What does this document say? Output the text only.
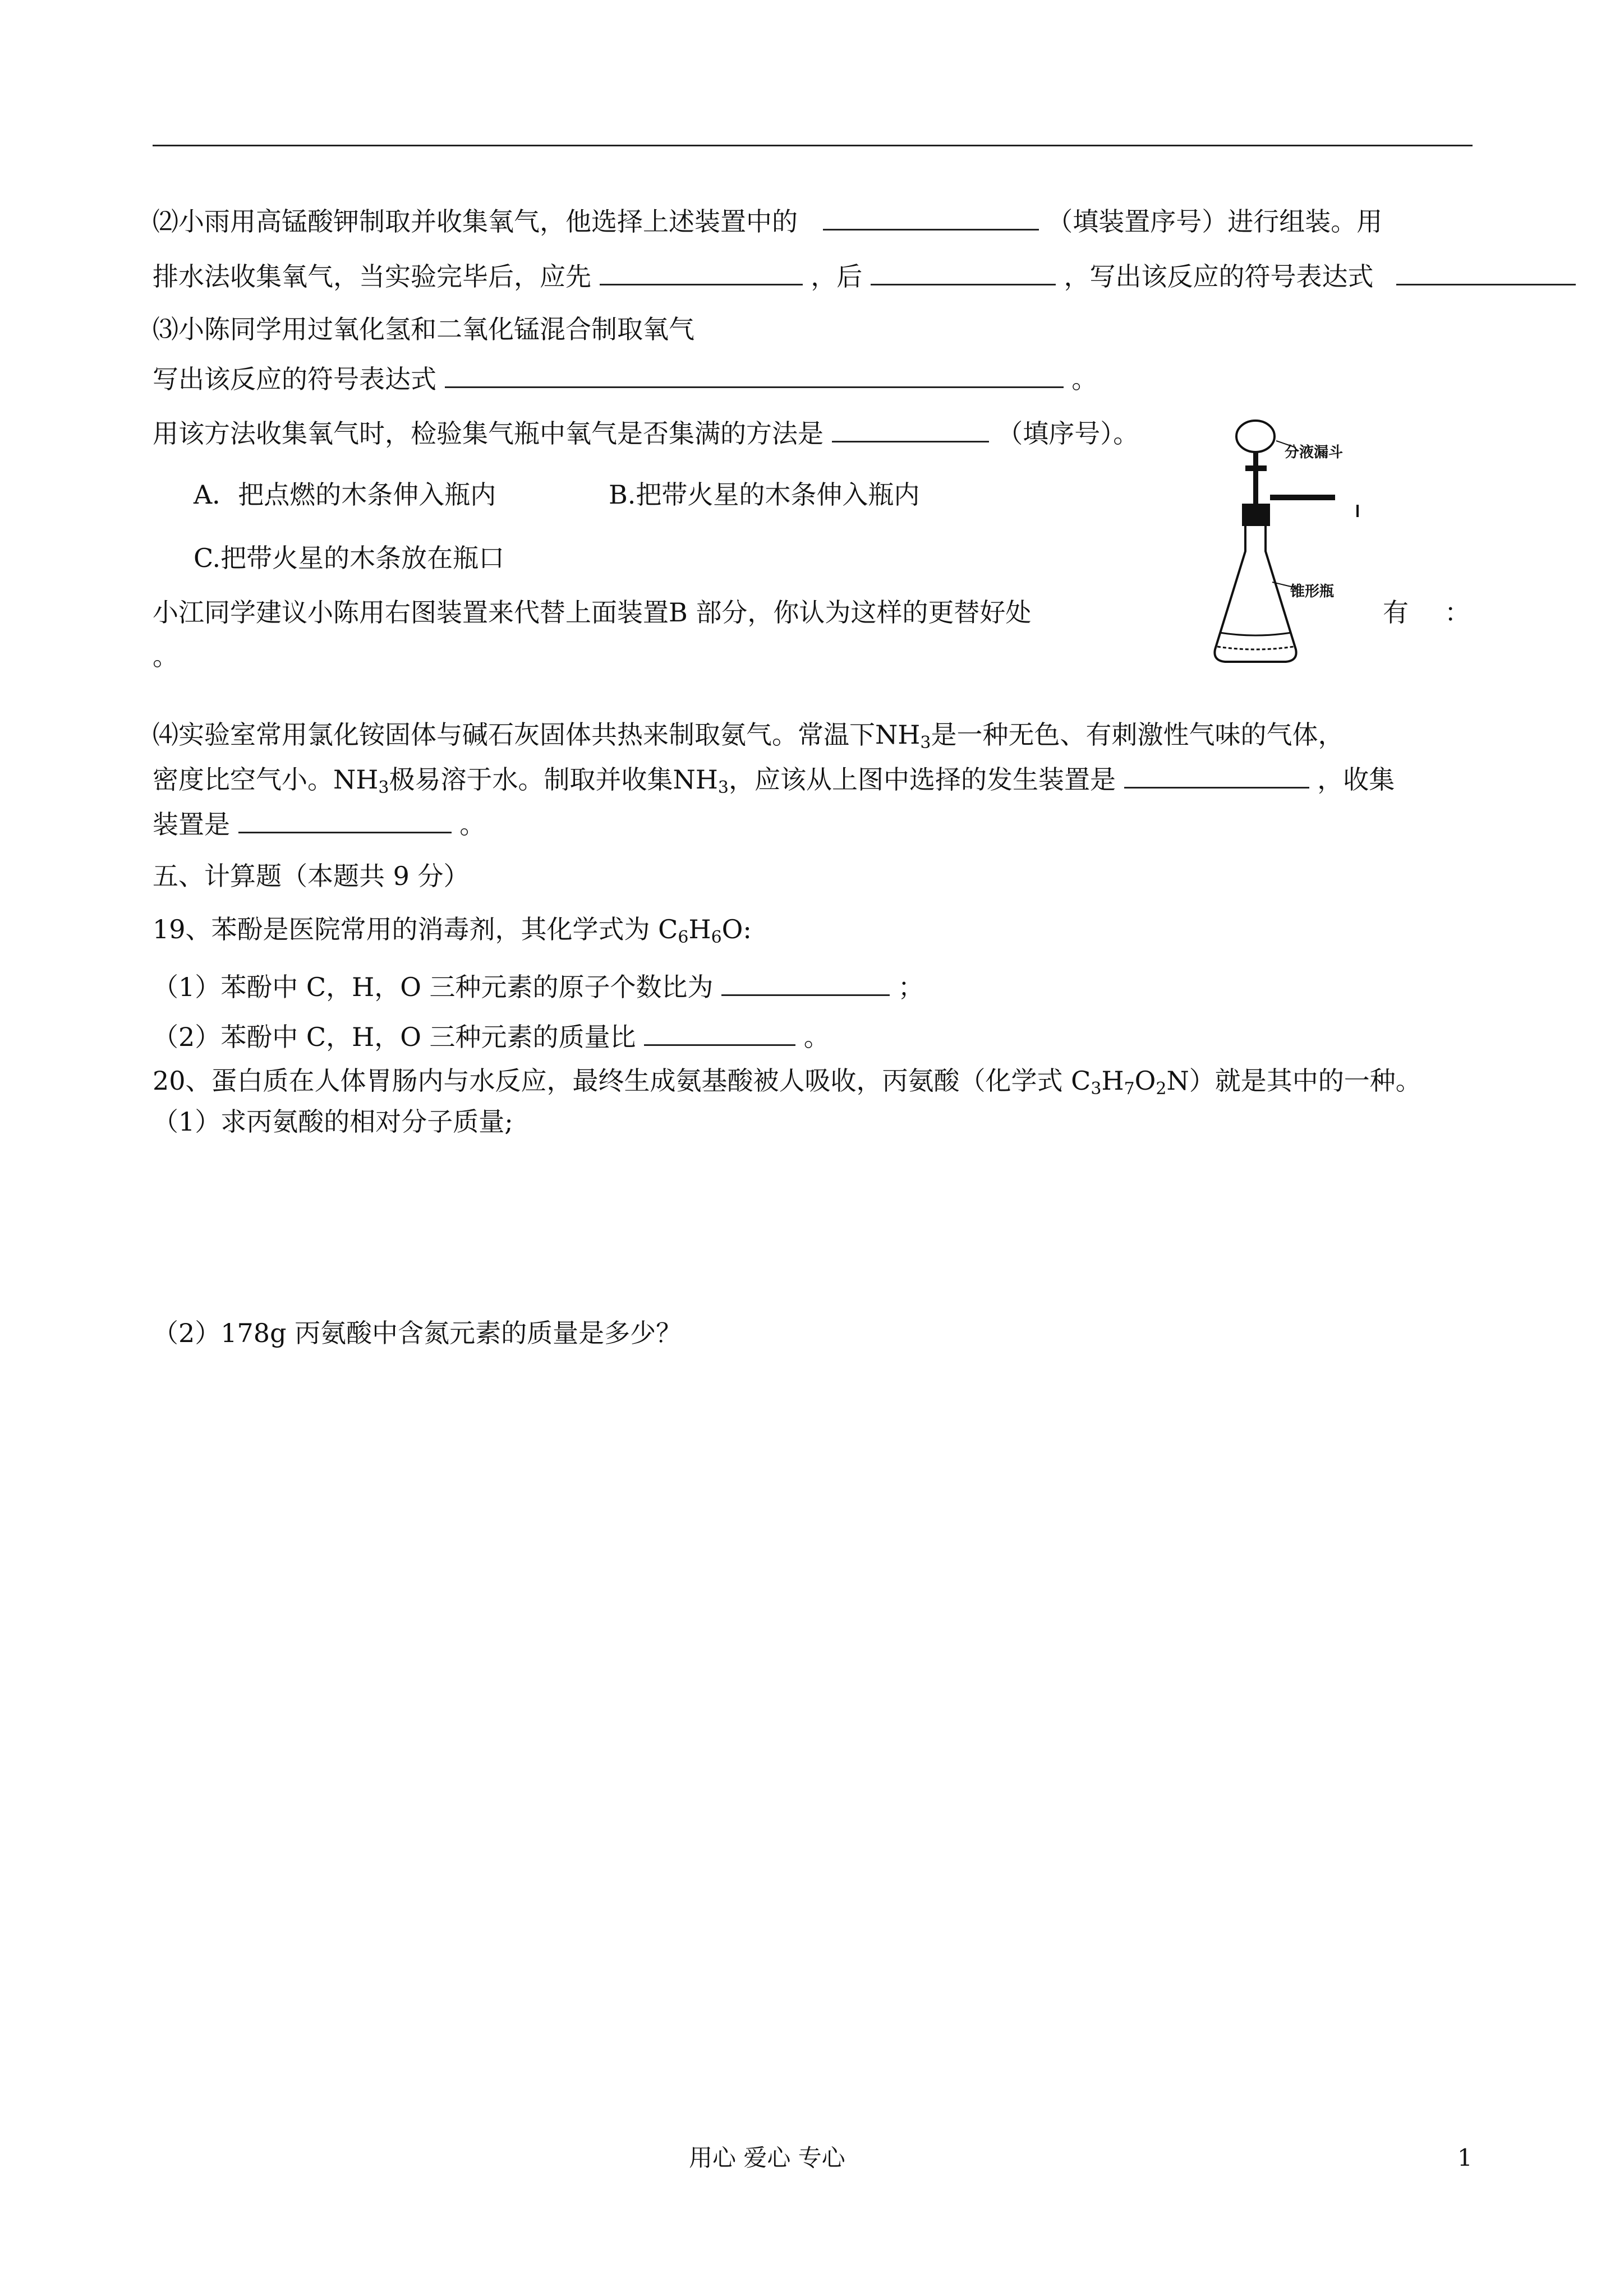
⑵小雨用高锰酸钾制取并收集氧气，他选择上述装置中的	（填装置序号）进行组装。用
排水法收集氧气，当实验完毕后，应先	，后	，写出该反应的符号表达式
⑶小陈同学用过氧化氢和二氧化锰混合制取氧气
写出该反应的符号表达式	。
用该方法收集氧气时，检验集气瓶中氧气是否集满的方法是	（填序号）。
A．把点燃的木条伸入瓶内	B.把带火星的木条伸入瓶内
C.把带火星的木条放在瓶口
小江同学建议小陈用右图装置来代替上面装置B 部分，你认为这样的更替好处	有 ：
。
分液漏斗
锥形瓶
⑷实验室常用氯化铵固体与碱石灰固体共热来制取氨气。常温下$NH_3$是一种无色、有刺激性气味的气体，
密度比空气小。$NH_3$极易溶于水。制取并收集$NH_3$，应该从上图中选择的发生装置是	，收集
装置是	。
五、计算题（本题共 9 分）
19、苯酚是医院常用的消毒剂，其化学式为 $C_6H_6O$:
（1）苯酚中 C，H，O 三种元素的原子个数比为	；
（2）苯酚中 C，H，O 三种元素的质量比	。
20、蛋白质在人体胃肠内与水反应，最终生成氨基酸被人吸收，丙氨酸（化学式 $C_3H_7O_2N$）就是其中的一种。
（1）求丙氨酸的相对分子质量;
（2）178g 丙氨酸中含氮元素的质量是多少？
用心 爱心 专心	1
